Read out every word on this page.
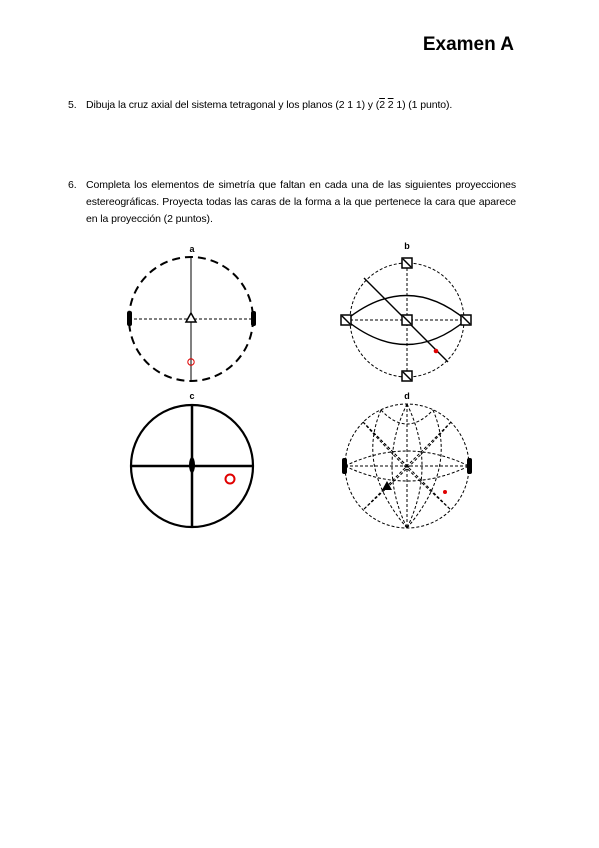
Examen A
5. Dibuja la cruz axial del sistema tetragonal y los planos (2 1 1) y (2 2 1) (1 punto).
6. Completa los elementos de simetría que faltan en cada una de las siguientes proyecciones estereográficas. Proyecta todas las caras de la forma a la que pertenece la cara que aparece en la proyección (2 puntos).
a	b
c	d
